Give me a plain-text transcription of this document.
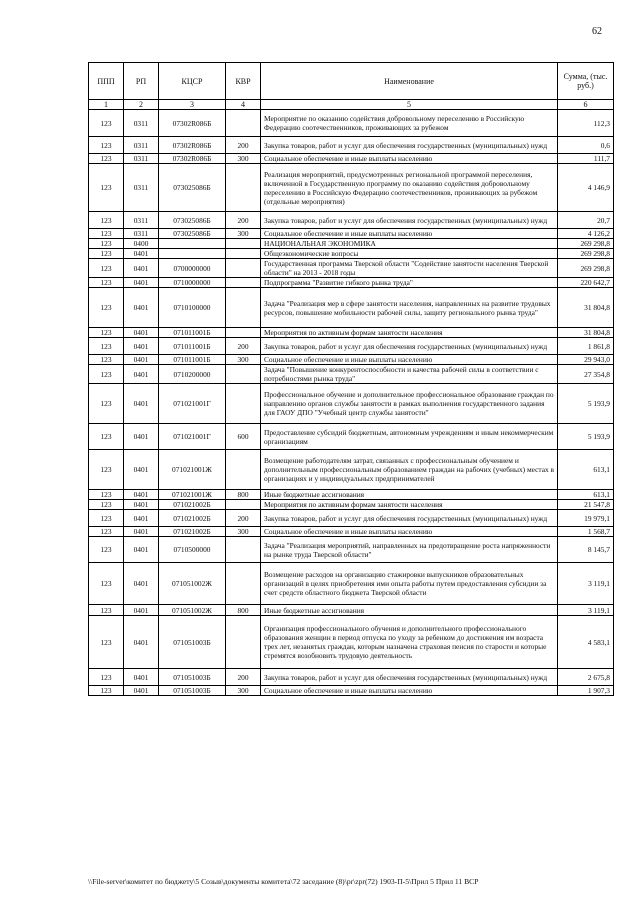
62
ППП	РП	КЦСР	КВР	Наименование	Сумма, (тыс. руб.)
1	2	3	4	5	6
123	0311	07302R086Б		Мероприятие по оказанию содействия добровольному переселению в Российскую Федерацию соотечественников, проживающих за рубежом	112,3
123	0311	07302R086Б	200	Закупка товаров, работ и услуг для обеспечения государственных (муниципальных) нужд	0,6
123	0311	07302R086Б	300	Социальное обеспечение и иные выплаты населению	111,7
123	0311	073025086Б		Реализация мероприятий, предусмотренных региональной программой переселения, включенной в Государственную программу по оказанию содействия добровольному переселению в Российскую Федерацию соотечественников, проживающих за рубежом (отдельные мероприятия)	4 146,9
123	0311	073025086Б	200	Закупка товаров, работ и услуг для обеспечения государственных (муниципальных) нужд	20,7
123	0311	073025086Б	300	Социальное обеспечение и иные выплаты населению	4 126,2
123	0400			НАЦИОНАЛЬНАЯ ЭКОНОМИКА	269 298,8
123	0401			Общеэкономические вопросы	269 298,8
123	0401	0700000000		Государственная программа Тверской области "Содействие занятости населения Тверской области" на 2013 - 2018 годы	269 298,8
123	0401	0710000000		Подпрограмма "Развитие гибкого рынка труда"	220 642,7
123	0401	0710100000		Задача "Реализация мер в сфере занятости населения, направленных на развитие трудовых ресурсов, повышение мобильности рабочей силы, защиту регионального рынка труда"	31 804,8
123	0401	071011001Б		Мероприятия по активным формам занятости населения	31 804,8
123	0401	071011001Б	200	Закупка товаров, работ и услуг для обеспечения государственных (муниципальных) нужд	1 861,8
123	0401	071011001Б	300	Социальное обеспечение и иные выплаты населению	29 943,0
123	0401	0710200000		Задача "Повышение конкурентоспособности и качества рабочей силы в соответствии с потребностями рынка труда"	27 354,8
123	0401	071021001Г		Профессиональное обучение и дополнительное профессиональное образование граждан по направлению органов службы занятости в рамках выполнения государственного задания для ГАОУ ДПО "Учебный центр службы занятости"	5 193,9
123	0401	071021001Г	600	Предоставление субсидий бюджетным, автономным учреждениям и иным некоммерческим организациям	5 193,9
123	0401	071021001Ж		Возмещение работодателям затрат, связанных с профессиональным обучением и дополнительным профессиональным образованием граждан на рабочих (учебных) местах в организациях и у индивидуальных предпринимателей	613,1
123	0401	071021001Ж	800	Иные бюджетные ассигнования	613,1
123	0401	071021002Б		Мероприятия по активным формам занятости населения	21 547,8
123	0401	071021002Б	200	Закупка товаров, работ и услуг для обеспечения государственных (муниципальных) нужд	19 979,1
123	0401	071021002Б	300	Социальное обеспечение и иные выплаты населению	1 568,7
123	0401	0710500000		Задача "Реализация мероприятий, направленных на предотвращение роста напряженности на рынке труда Тверской области"	8 145,7
123	0401	071051002Ж		Возмещение расходов на организацию стажировки выпускников образовательных организаций в целях приобретения ими опыта работы путем предоставления субсидии за счет средств областного бюджета Тверской области	3 119,1
123	0401	071051002Ж	800	Иные бюджетные ассигнования	3 119,1
123	0401	071051003Б		Организация профессионального обучения и дополнительного профессионального образования женщин в период отпуска по уходу за ребенком до достижения им возраста трех лет, незанятых граждан, которым назначена страховая пенсия по старости и которые стремятся возобновить трудовую деятельность	4 583,1
123	0401	071051003Б	200	Закупка товаров, работ и услуг для обеспечения государственных (муниципальных) нужд	2 675,8
123	0401	071051003Б	300	Социальное обеспечение и иные выплаты населению	1 907,3
\\File-server\комитет по бюджету\5 Созыв\документы комитета\72 заседание (8)\pr\zpr(72) 1903-П-5\Прил 5 Прил 11 ВСР
